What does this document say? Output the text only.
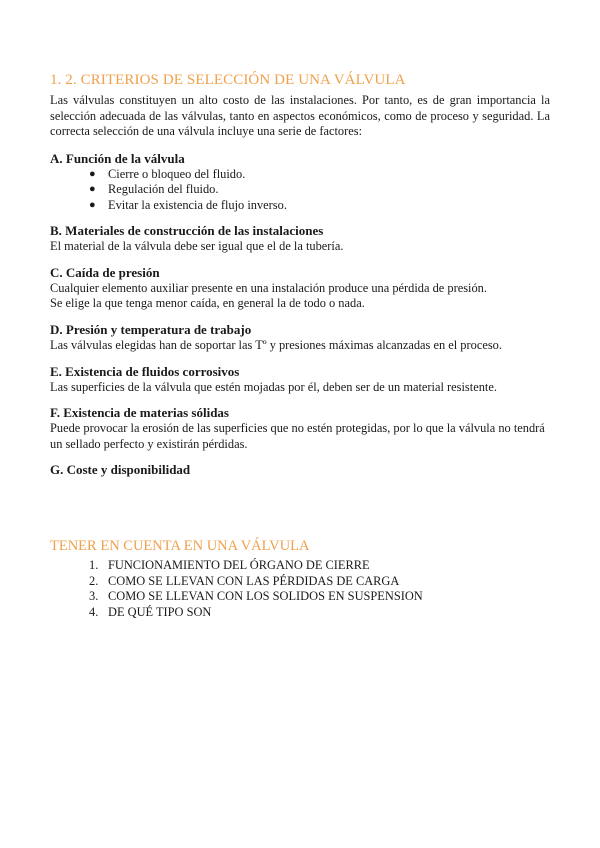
1. 2. CRITERIOS DE SELECCIÓN DE UNA VÁLVULA

Las válvulas constituyen un alto costo de las instalaciones. Por tanto, es de gran importancia la selección adecuada de las válvulas, tanto en aspectos económicos, como de proceso y seguridad. La correcta selección de una válvula incluye una serie de factores:

A. Función de la válvula

● Cierre o bloqueo del fluido.
● Regulación del fluido.
● Evitar la existencia de flujo inverso.

B. Materiales de construcción de las instalaciones

El material de la válvula debe ser igual que el de la tubería.

C. Caída de presión

Cualquier elemento auxiliar presente en una instalación produce una pérdida de presión.

Se elige la que tenga menor caída, en general la de todo o nada.

D. Presión y temperatura de trabajo

Las válvulas elegidas han de soportar las Tº y presiones máximas alcanzadas en el proceso.

E. Existencia de fluidos corrosivos

Las superficies de la válvula que estén mojadas por él, deben ser de un material resistente.

F. Existencia de materias sólidas

Puede provocar la erosión de las superficies que no estén protegidas, por lo que la válvula no tendrá un sellado perfecto y existirán pérdidas.

G. Coste y disponibilidad

TENER EN CUENTA EN UNA VÁLVULA
1. FUNCIONAMIENTO DEL ÓRGANO DE CIERRE
2. COMO SE LLEVAN CON LAS PÉRDIDAS DE CARGA
3. COMO SE LLEVAN CON LOS SOLIDOS EN SUSPENSION
4. DE QUÉ TIPO SON
